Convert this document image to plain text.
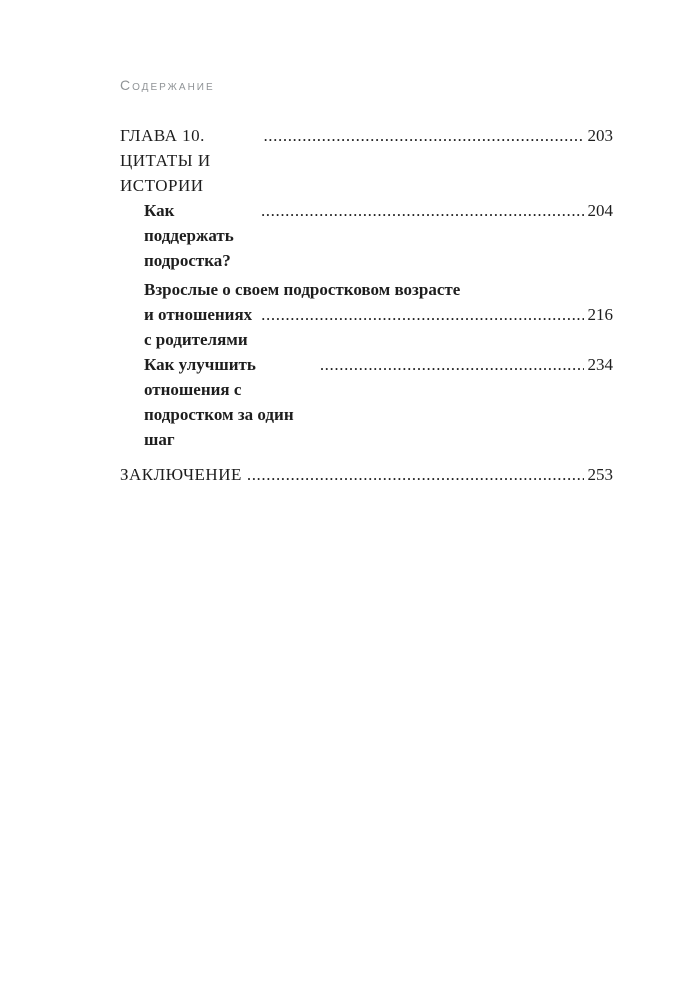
Содержание
ГЛАВА 10. ЦИТАТЫ И ИСТОРИИ
.....
203
Как поддержать подростка?
.....
204
Взрослые о своем подростковом возрасте
и отношениях с родителями
.....
216
Как улучшить отношения с подростком за один шаг
.....
234
ЗАКЛЮЧЕНИЕ .....	253
